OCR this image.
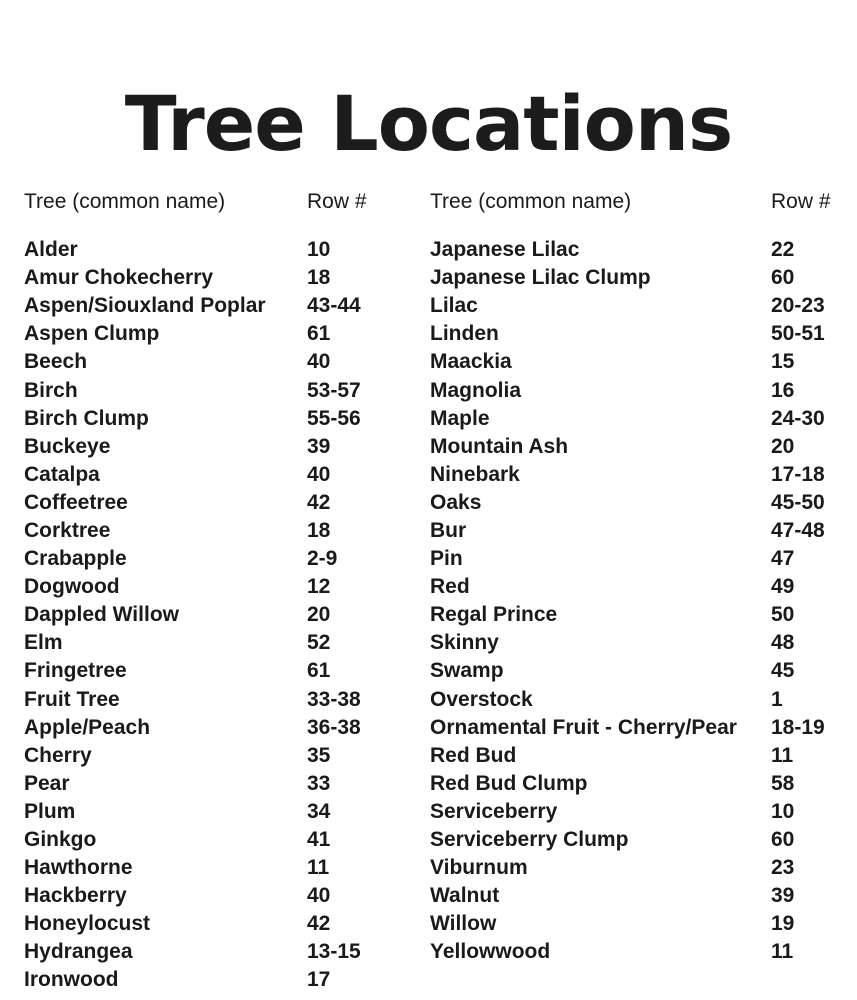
Tree Locations
Tree (common name)	Row #
Alder	10
Amur Chokecherry	18
Aspen/Siouxland Poplar	43-44
Aspen Clump	61
Beech	40
Birch	53-57
Birch Clump	55-56
Buckeye	39
Catalpa	40
Coffeetree	42
Corktree	18
Crabapple	2-9
Dogwood	12
Dappled Willow	20
Elm	52
Fringetree	61
Fruit Tree	33-38
Apple/Peach	36-38
Cherry	35
Pear	33
Plum	34
Ginkgo	41
Hawthorne	11
Hackberry	40
Honeylocust	42
Hydrangea	13-15
Ironwood	17
Tree (common name)	Row #
Japanese Lilac	22
Japanese Lilac Clump	60
Lilac	20-23
Linden	50-51
Maackia	15
Magnolia	16
Maple	24-30
Mountain Ash	20
Ninebark	17-18
Oaks	45-50
Bur	47-48
Pin	47
Red	49
Regal Prince	50
Skinny	48
Swamp	45
Overstock	1
Ornamental Fruit - Cherry/Pear	18-19
Red Bud	11
Red Bud Clump	58
Serviceberry	10
Serviceberry Clump	60
Viburnum	23
Walnut	39
Willow	19
Yellowwood	11
